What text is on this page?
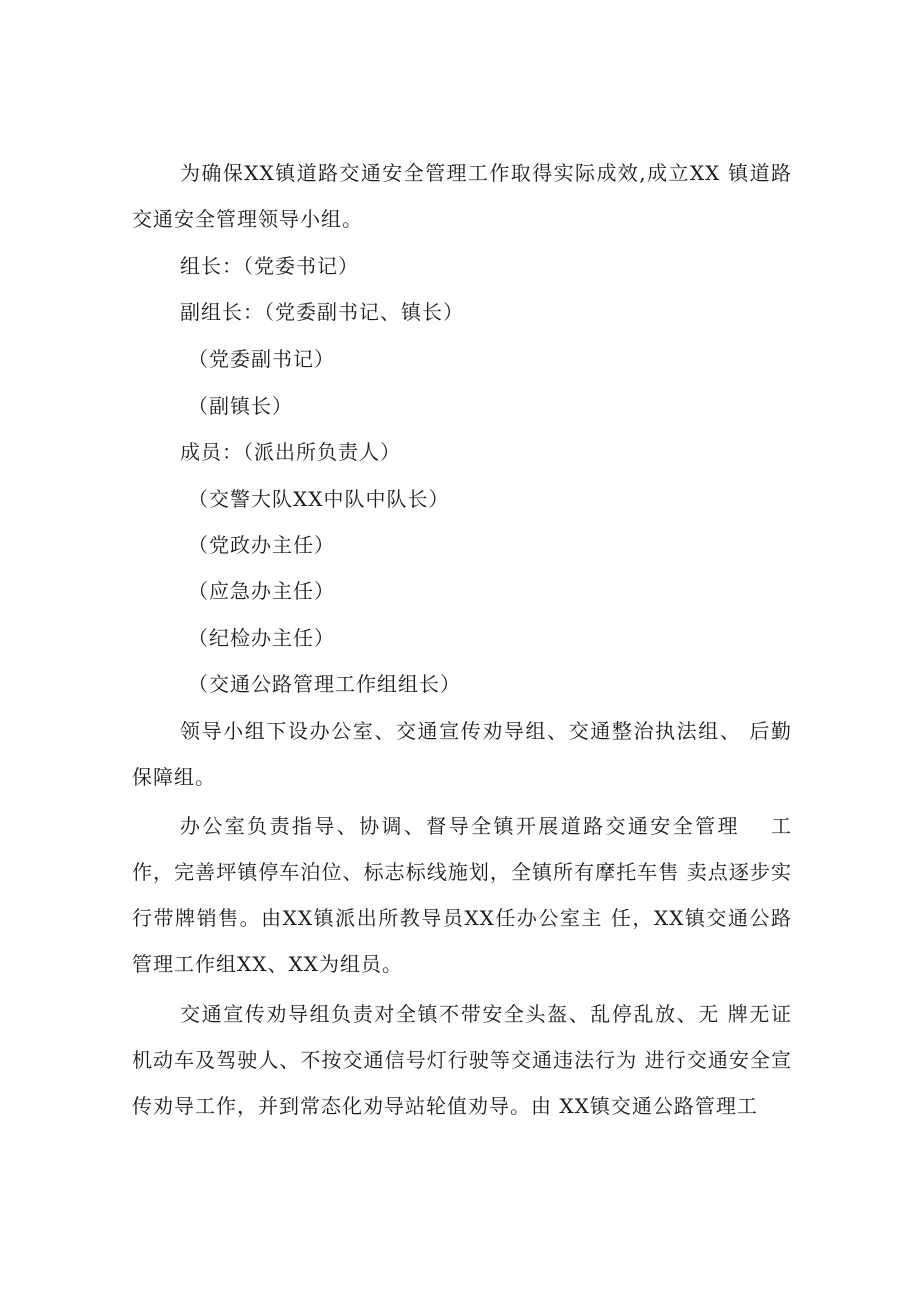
为确保XX镇道路交通安全管理工作取得实际成效,成立XX 镇道路交通安全管理领导小组。

组长：（党委书记）

副组长：（党委副书记、镇长）

（党委副书记）

（副镇长）

成员：（派出所负责人）

（交警大队XX中队中队长）

（党政办主任）

（应急办主任）

（纪检办主任）

（交通公路管理工作组组长）

领导小组下设办公室、交通宣传劝导组、交通整治执法组、 后勤保障组。

办公室负责指导、协调、督导全镇开展道路交通安全管理　 工作，完善坪镇停车泊位、标志标线施划，全镇所有摩托车售 卖点逐步实行带牌销售。由XX镇派出所教导员XX任办公室主 任，XX镇交通公路管理工作组XX、XX为组员。

交通宣传劝导组负责对全镇不带安全头盔、乱停乱放、无 牌无证机动车及驾驶人、不按交通信号灯行驶等交通违法行为 进行交通安全宣传劝导工作，并到常态化劝导站轮值劝导。由 XX镇交通公路管理工
